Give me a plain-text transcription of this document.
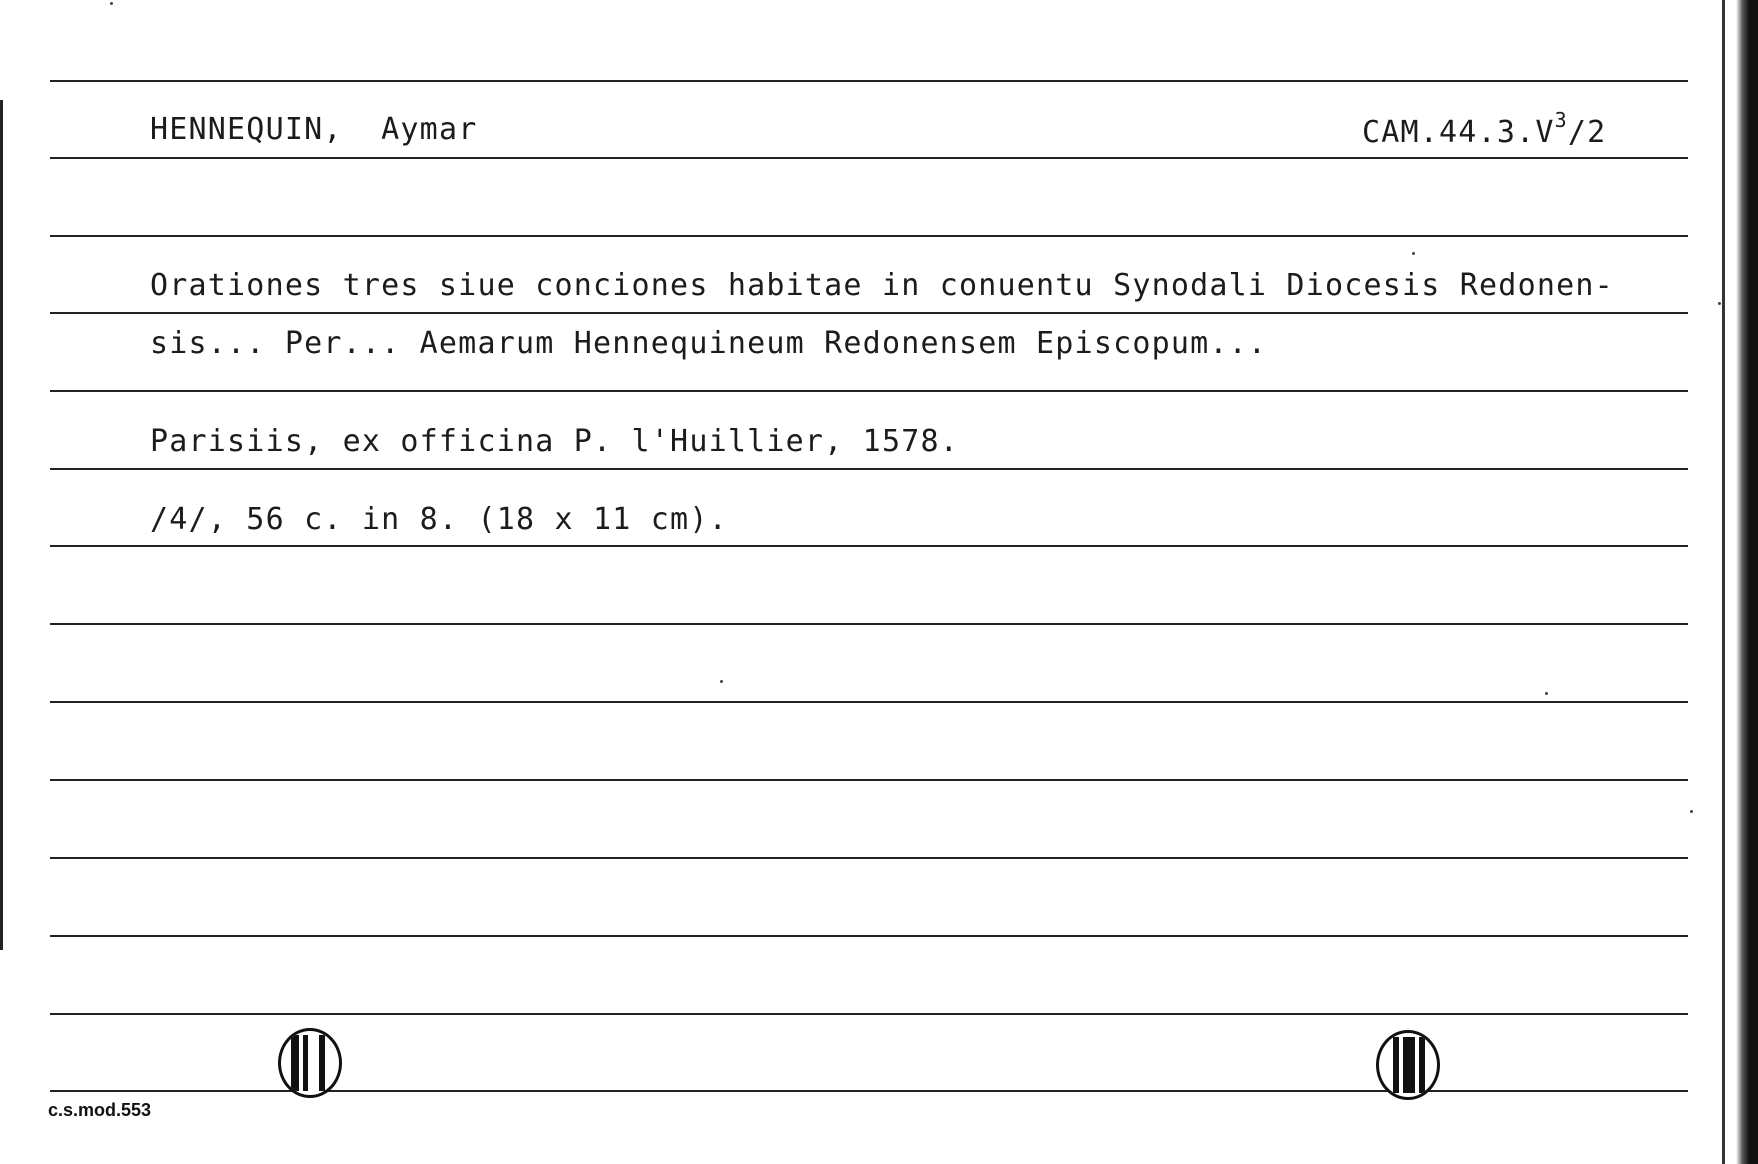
HENNEQUIN, Aymar	$CAM.44.3.V^3/2$
Orationes tres siue conciones habitae in conuentu Synodali Diocesis Redonen-
sis... Per... Aemarum Hennequineum Redonensem Episcopum...
Parisiis, ex officina P. l'Huillier, 1578.
/4/, 56 c. in 8. (18 x 11 cm).
c.s.mod.553
